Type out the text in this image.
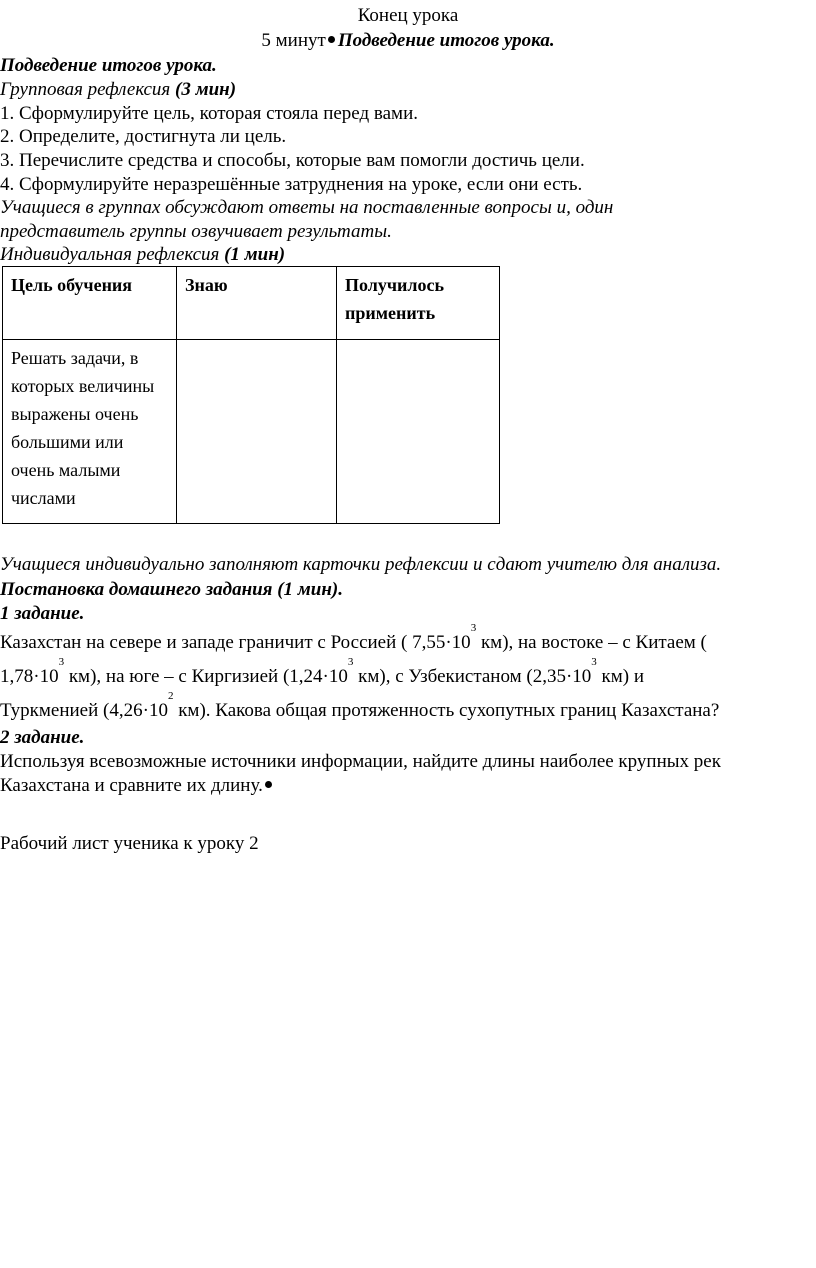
Конец урока
5 минут Подведение итогов урока.
Подведение итогов урока.
Групповая рефлексия (3 мин)
1. Сформулируйте цель, которая стояла перед вами.
2. Определите, достигнута ли цель.
3. Перечислите средства и способы, которые вам помогли достичь цели.
4. Сформулируйте неразрешённые затруднения на уроке, если они есть.
Учащиеся в группах обсуждают ответы на поставленные вопросы и, один
представитель группы озвучивает результаты.
Индивидуальная рефлексия (1 мин)
Цель обучения	Знаю	Получилось применить
Решать задачи, в которых величины выражены очень большими или очень малыми числами		
Учащиеся индивидуально заполняют карточки рефлексии и сдают учителю для анализа.
Постановка домашнего задания (1 мин).
1 задание.
Казахстан на севере и западе граничит с Россией ( $7,55\cdot 10^3$ км), на востоке – с Китаем (
$1,78\cdot 10^3$ км), на юге – с Киргизией ($1,24\cdot 10^3$ км), с Узбекистаном ($2,35\cdot 10^3$ км) и
Туркменией ($4,26\cdot 10^2$ км). Какова общая протяженность сухопутных границ Казахстана?
2 задание.
Используя всевозможные источники информации, найдите длины наиболее крупных рек
Казахстана и сравните их длину.
Рабочий лист ученика к уроку 2
